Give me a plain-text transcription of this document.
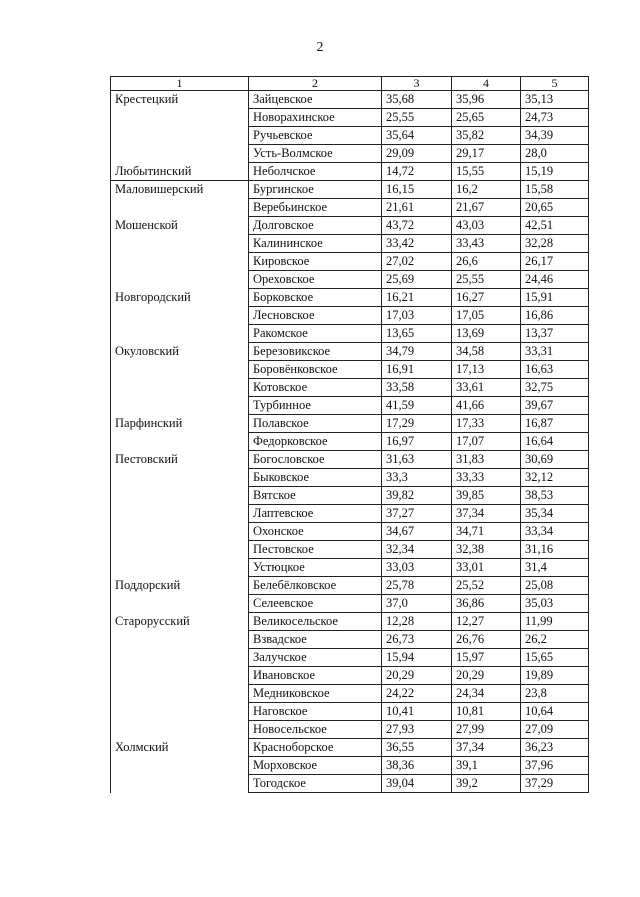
2
1	2	3	4	5
Крестецкий	Зайцевское	35,68	35,96	35,13
	Новорахинское	25,55	25,65	24,73
	Ручьевское	35,64	35,82	34,39
	Усть-Волмское	29,09	29,17	28,0
Любытинский	Неболчское	14,72	15,55	15,19
Маловишерский	Бургинское	16,15	16,2	15,58
	Веребьинское	21,61	21,67	20,65
Мошенской	Долговское	43,72	43,03	42,51
	Калининское	33,42	33,43	32,28
	Кировское	27,02	26,6	26,17
	Ореховское	25,69	25,55	24,46
Новгородский	Борковское	16,21	16,27	15,91
	Лесновское	17,03	17,05	16,86
	Ракомское	13,65	13,69	13,37
Окуловский	Березовикское	34,79	34,58	33,31
	Боровёнковское	16,91	17,13	16,63
	Котовское	33,58	33,61	32,75
	Турбинное	41,59	41,66	39,67
Парфинский	Полавское	17,29	17,33	16,87
	Федорковское	16,97	17,07	16,64
Пестовский	Богословское	31,63	31,83	30,69
	Быковское	33,3	33,33	32,12
	Вятское	39,82	39,85	38,53
	Лаптевское	37,27	37,34	35,34
	Охонское	34,67	34,71	33,34
	Пестовское	32,34	32,38	31,16
	Устюцкое	33,03	33,01	31,4
Поддорский	Белебёлковское	25,78	25,52	25,08
	Селеевское	37,0	36,86	35,03
Старорусский	Великосельское	12,28	12,27	11,99
	Взвадское	26,73	26,76	26,2
	Залучское	15,94	15,97	15,65
	Ивановское	20,29	20,29	19,89
	Медниковское	24,22	24,34	23,8
	Наговское	10,41	10,81	10,64
	Новосельское	27,93	27,99	27,09
Холмский	Красноборское	36,55	37,34	36,23
	Морховское	38,36	39,1	37,96
	Тогодское	39,04	39,2	37,29
